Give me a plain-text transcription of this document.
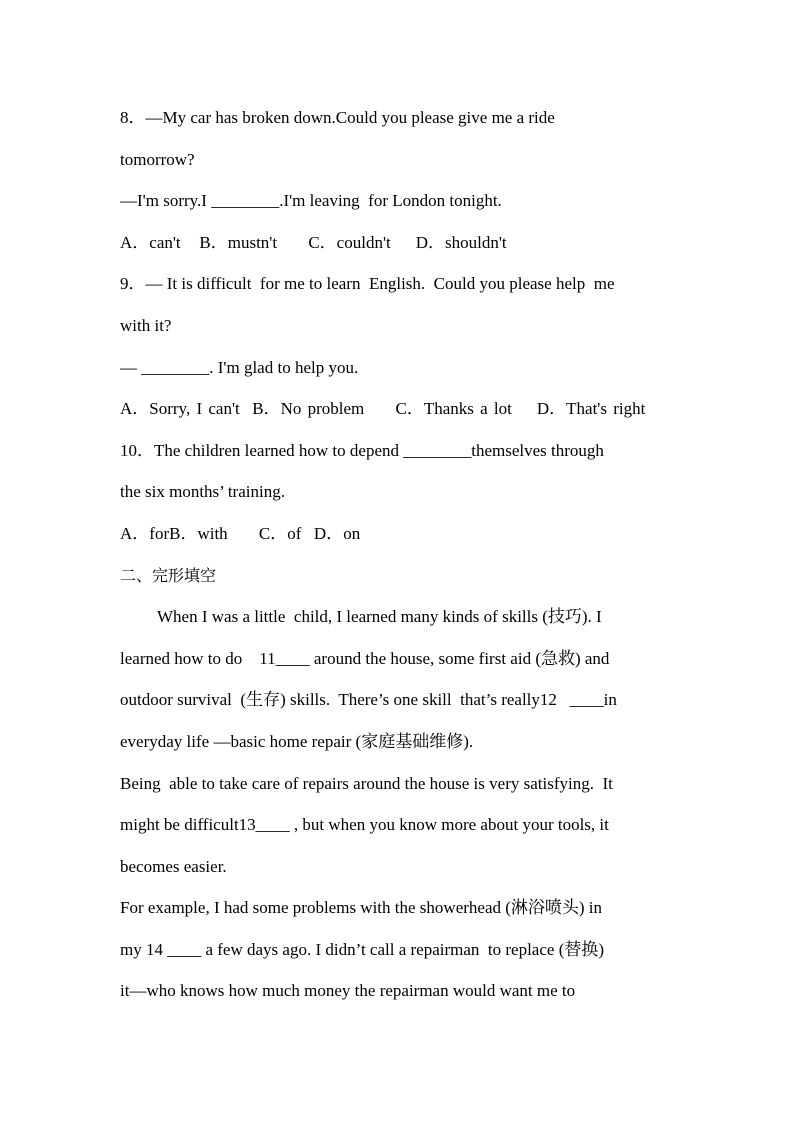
8．—My car has broken down.Could you please give me a ride
tomorrow?
—I'm sorry.I ________.I'm leaving  for London tonight.
A．can't   B．mustn't     C．couldn't    D．shouldn't
9．— It is difficult  for me to learn  English.  Could you please help  me
with it?
— ________. I'm glad to help you.
A．Sorry, I can't  B．No problem     C．Thanks a lot    D．That's right
10．The children learned how to depend ________themselves through
the six months’ training.
A．forB．with     C．of  D．on
二、完形填空
When I was a little  child, I learned many kinds of skills (技巧). I
learned how to do    11____ around the house, some first aid (急救) and
outdoor survival  (生存) skills.  There’s one skill  that’s really12   ____in
everyday life —basic home repair (家庭基础维修).
Being  able to take care of repairs around the house is very satisfying.  It
might be difficult13____ , but when you know more about your tools, it
becomes easier.
For example, I had some problems with the showerhead (淋浴喷头) in
my 14 ____ a few days ago. I didn’t call a repairman  to replace (替换)
it—who knows how much money the repairman would want me to
